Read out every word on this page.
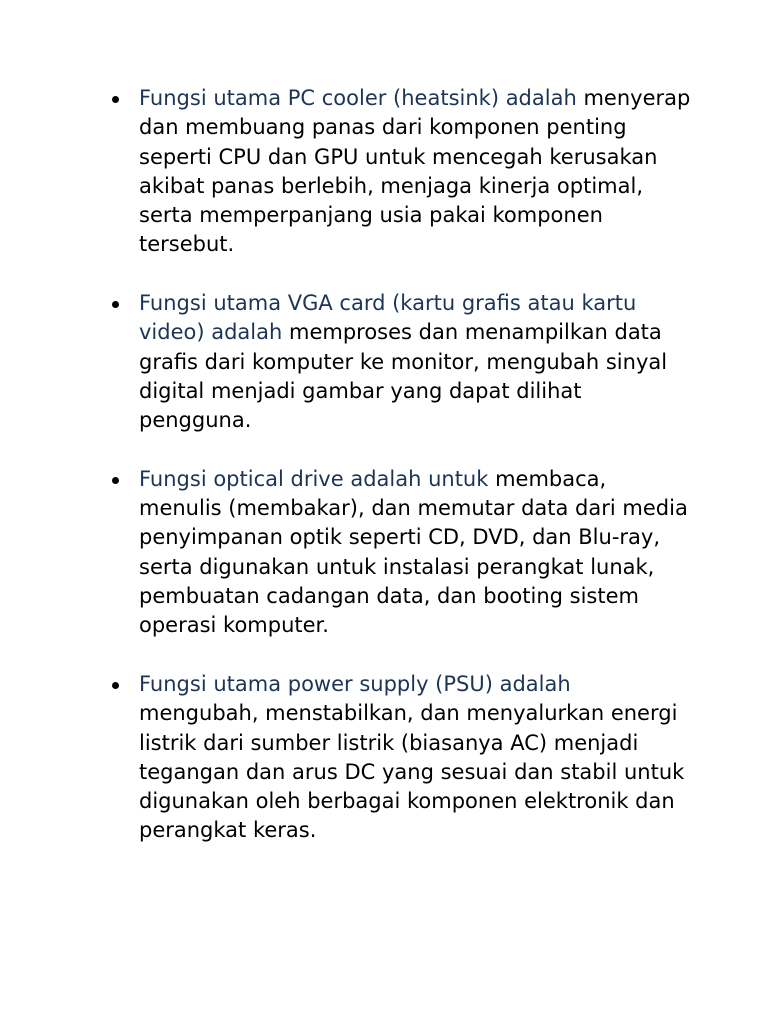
Fungsi utama PC cooler (heatsink) adalah menyerap dan membuang panas dari komponen penting seperti CPU dan GPU untuk mencegah kerusakan akibat panas berlebih, menjaga kinerja optimal, serta memperpanjang usia pakai komponen tersebut.
Fungsi utama VGA card (kartu grafis atau kartu video) adalah memproses dan menampilkan data grafis dari komputer ke monitor, mengubah sinyal digital menjadi gambar yang dapat dilihat pengguna.
Fungsi optical drive adalah untuk membaca, menulis (membakar), dan memutar data dari media penyimpanan optik seperti CD, DVD, dan Blu-ray, serta digunakan untuk instalasi perangkat lunak, pembuatan cadangan data, dan booting sistem operasi komputer.
Fungsi utama power supply (PSU) adalah mengubah, menstabilkan, dan menyalurkan energi listrik dari sumber listrik (biasanya AC) menjadi tegangan dan arus DC yang sesuai dan stabil untuk digunakan oleh berbagai komponen elektronik dan perangkat keras.
